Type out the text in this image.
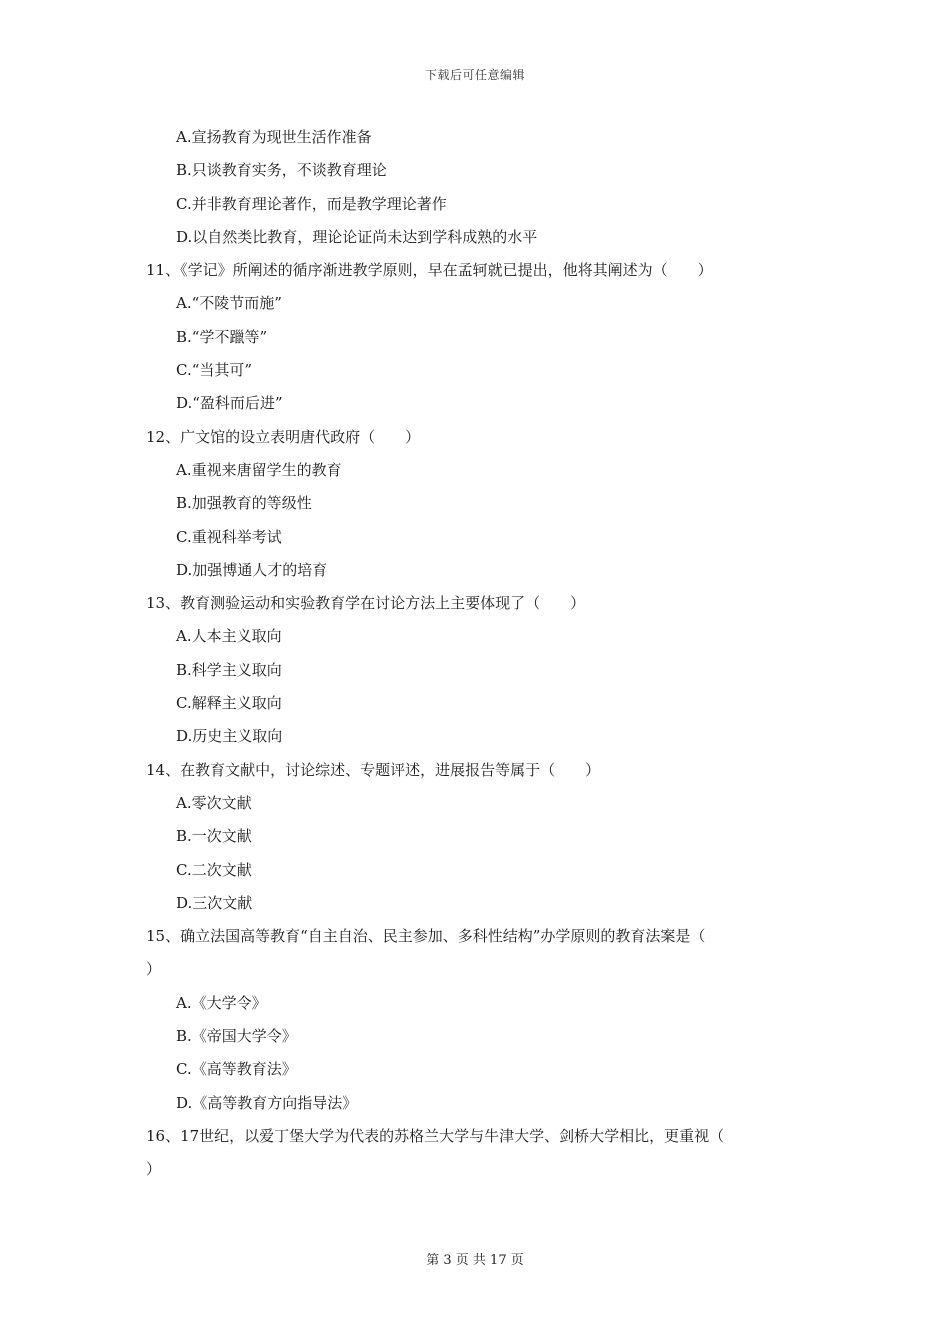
下载后可任意编辑
A.宣扬教育为现世生活作准备
B.只谈教育实务，不谈教育理论
C.并非教育理论著作，而是教学理论著作
D.以自然类比教育，理论论证尚未达到学科成熟的水平
11、《学记》所阐述的循序渐进教学原则，早在孟轲就已提出，他将其阐述为（　　）
A.“不陵节而施”
B.“学不躐等”
C.“当其可”
D.“盈科而后进”
12、广文馆的设立表明唐代政府（　　）
A.重视来唐留学生的教育
B.加强教育的等级性
C.重视科举考试
D.加强博通人才的培育
13、教育测验运动和实验教育学在讨论方法上主要体现了（　　）
A.人本主义取向
B.科学主义取向
C.解释主义取向
D.历史主义取向
14、在教育文献中，讨论综述、专题评述，进展报告等属于（　　）
A.零次文献
B.一次文献
C.二次文献
D.三次文献
15、确立法国高等教育“自主自治、民主参加、多科性结构”办学原则的教育法案是（
）
A.《大学令》
B.《帝国大学令》
C.《高等教育法》
D.《高等教育方向指导法》
16、17世纪，以爱丁堡大学为代表的苏格兰大学与牛津大学、剑桥大学相比，更重视（
）
第 3 页 共 17 页
